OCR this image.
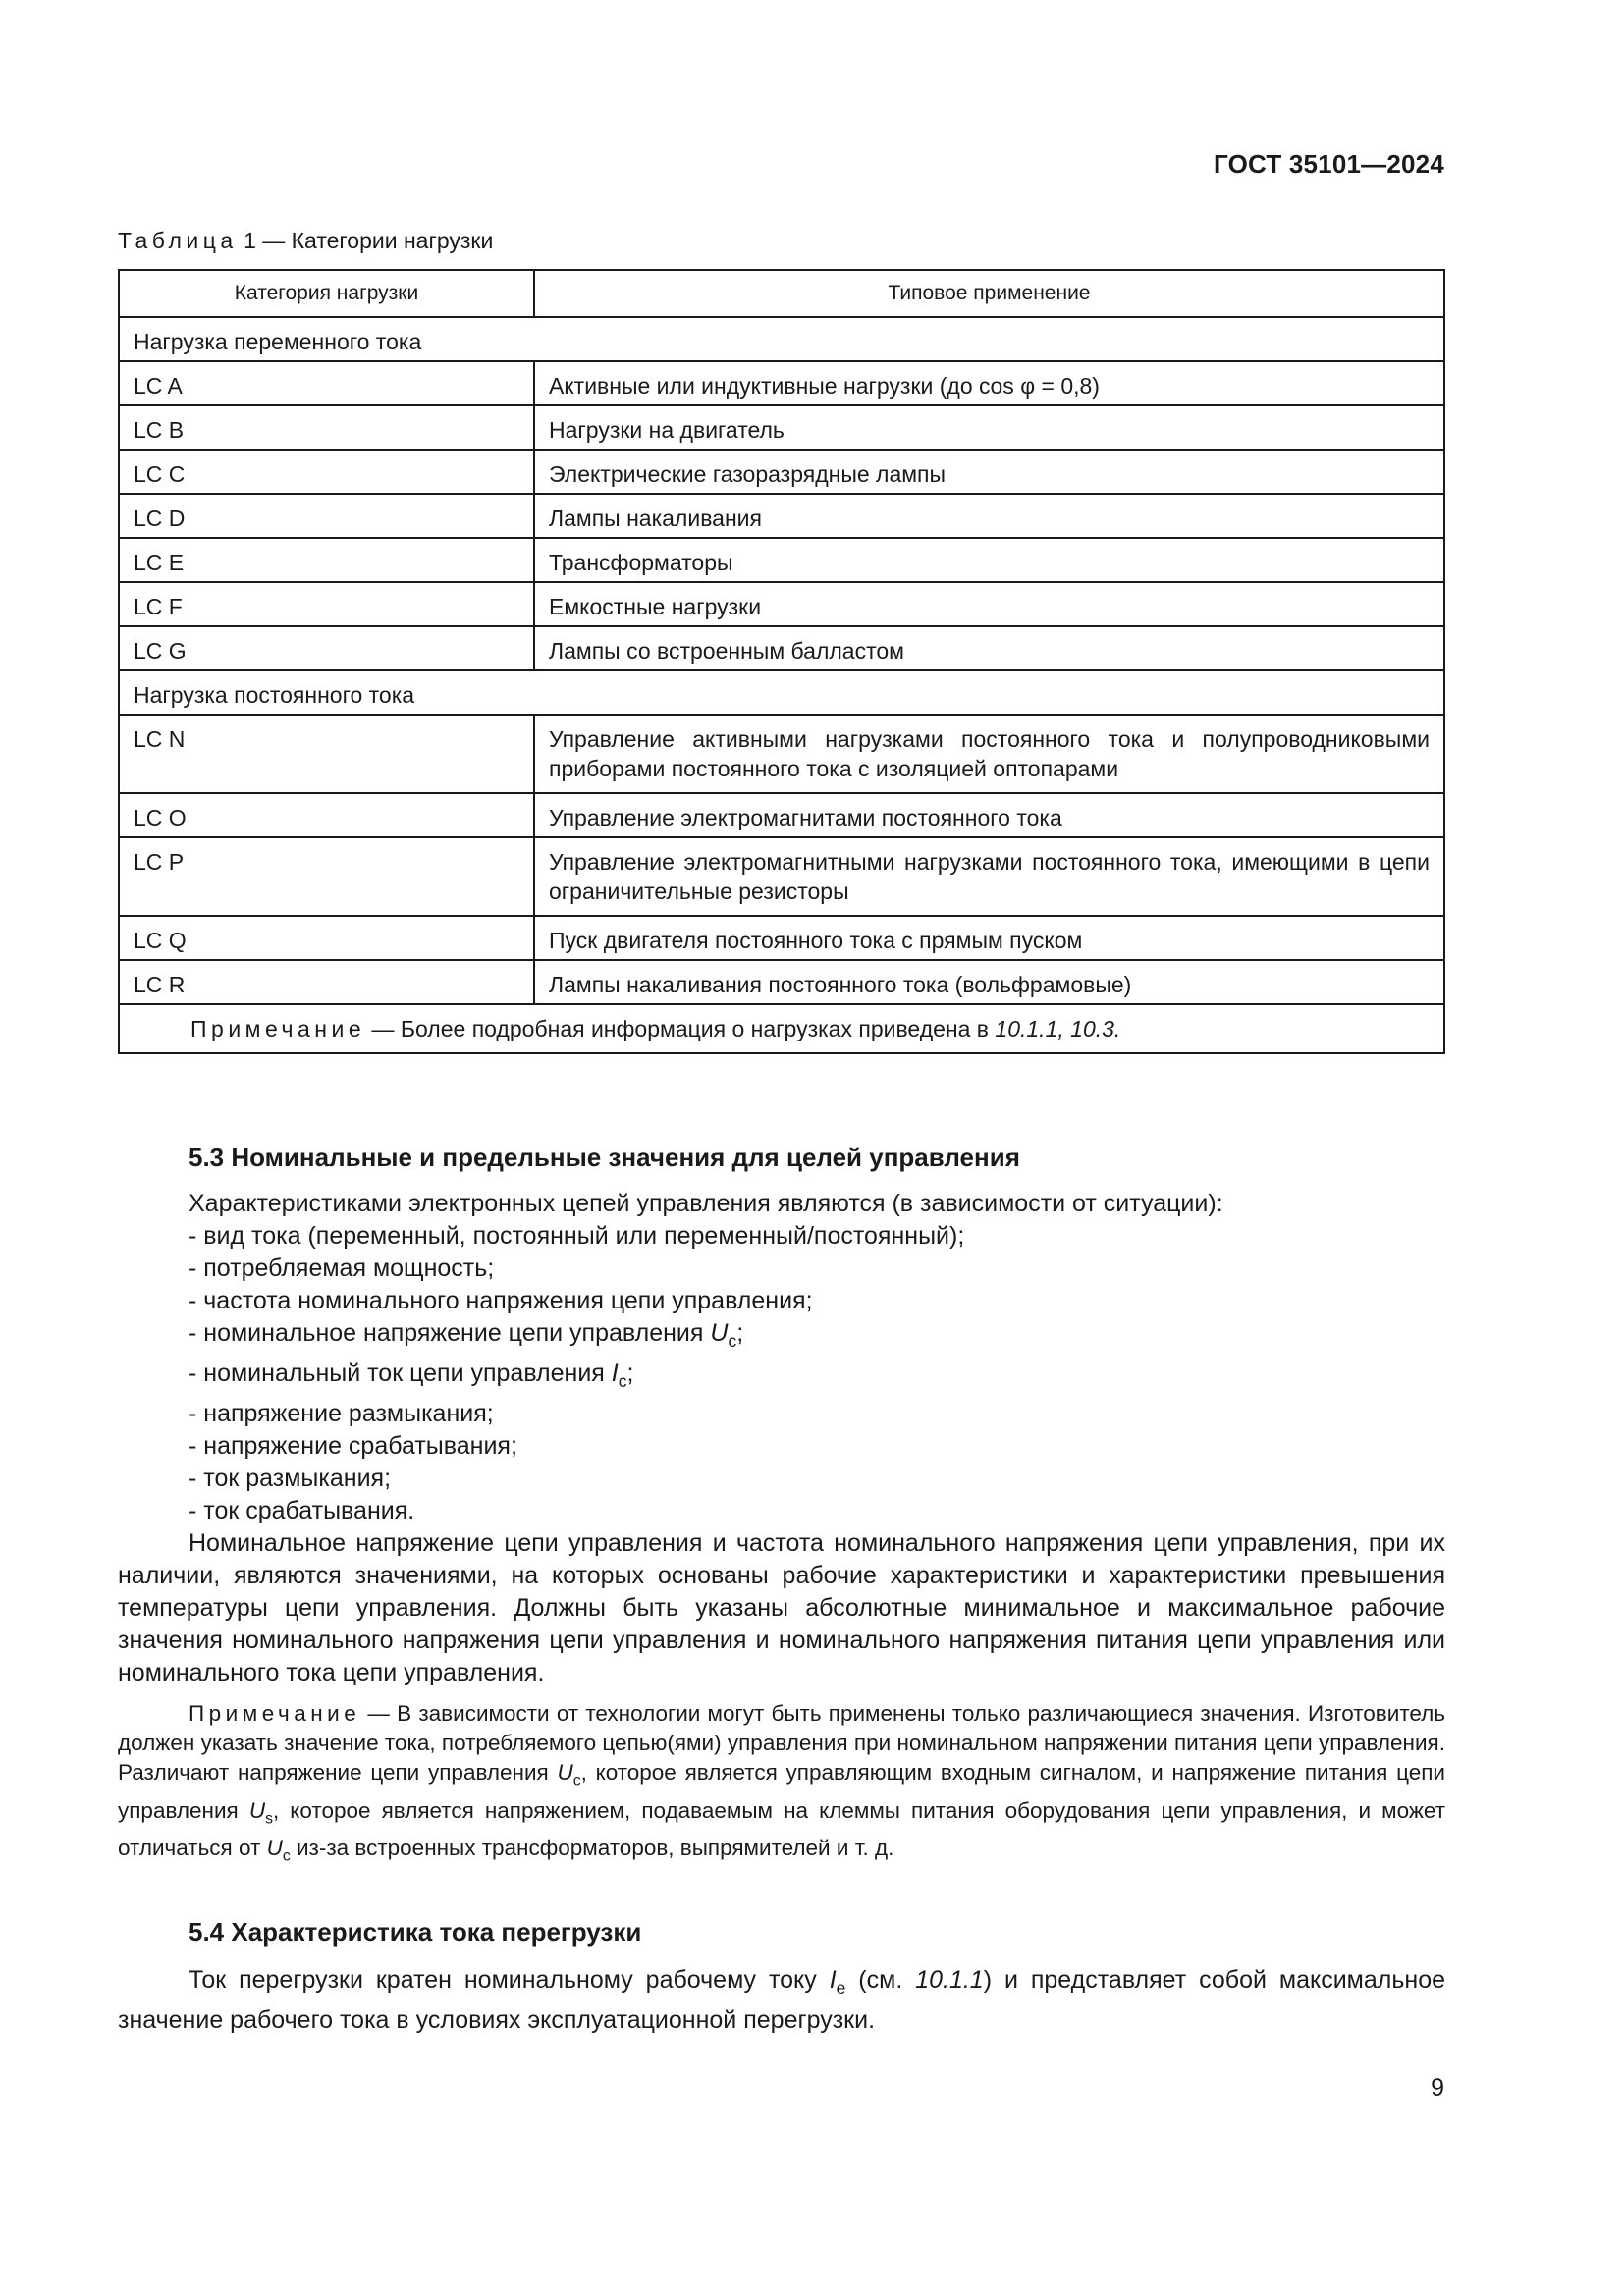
ГОСТ 35101—2024
Таблица 1 — Категории нагрузки
Категория нагрузки	Типовое применение
Нагрузка переменного тока	
LC A	Активные или индуктивные нагрузки (до cos φ = 0,8)
LC B	Нагрузки на двигатель
LC C	Электрические газоразрядные лампы
LC D	Лампы накаливания
LC E	Трансформаторы
LC F	Емкостные нагрузки
LC G	Лампы со встроенным балластом
Нагрузка постоянного тока	
LC N	Управление активными нагрузками постоянного тока и полупроводниковыми приборами постоянного тока с изоляцией оптопарами
LC O	Управление электромагнитами постоянного тока
LC P	Управление электромагнитными нагрузками постоянного тока, имеющими в цепи ограничительные резисторы
LC Q	Пуск двигателя постоянного тока с прямым пуском
LC R	Лампы накаливания постоянного тока (вольфрамовые)
Примечание — Более подробная информация о нагрузках приведена в 10.1.1, 10.3.	
5.3 Номинальные и предельные значения для целей управления
Характеристиками электронных цепей управления являются (в зависимости от ситуации):
- вид тока (переменный, постоянный или переменный/постоянный);
- потребляемая мощность;
- частота номинального напряжения цепи управления;
- номинальное напряжение цепи управления $U_c$;
- номинальный ток цепи управления $I_c$;
- напряжение размыкания;
- напряжение срабатывания;
- ток размыкания;
- ток срабатывания.
Номинальное напряжение цепи управления и частота номинального напряжения цепи управления, при их наличии, являются значениями, на которых основаны рабочие характеристики и характеристики превышения температуры цепи управления. Должны быть указаны абсолютные минимальное и максимальное рабочие значения номинального напряжения цепи управления и номинального напряжения питания цепи управления или номинального тока цепи управления.
Примечание — В зависимости от технологии могут быть применены только различающиеся значения. Изготовитель должен указать значение тока, потребляемого цепью(ями) управления при номинальном напряжении питания цепи управления. Различают напряжение цепи управления $U_c$, которое является управляющим входным сигналом, и напряжение питания цепи управления $U_s$, которое является напряжением, подаваемым на клеммы питания оборудования цепи управления, и может отличаться от $U_c$ из-за встроенных трансформаторов, выпрямителей и т. д.
5.4 Характеристика тока перегрузки
Ток перегрузки кратен номинальному рабочему току $I_e$ (см. 10.1.1) и представляет собой максимальное значение рабочего тока в условиях эксплуатационной перегрузки.
9
